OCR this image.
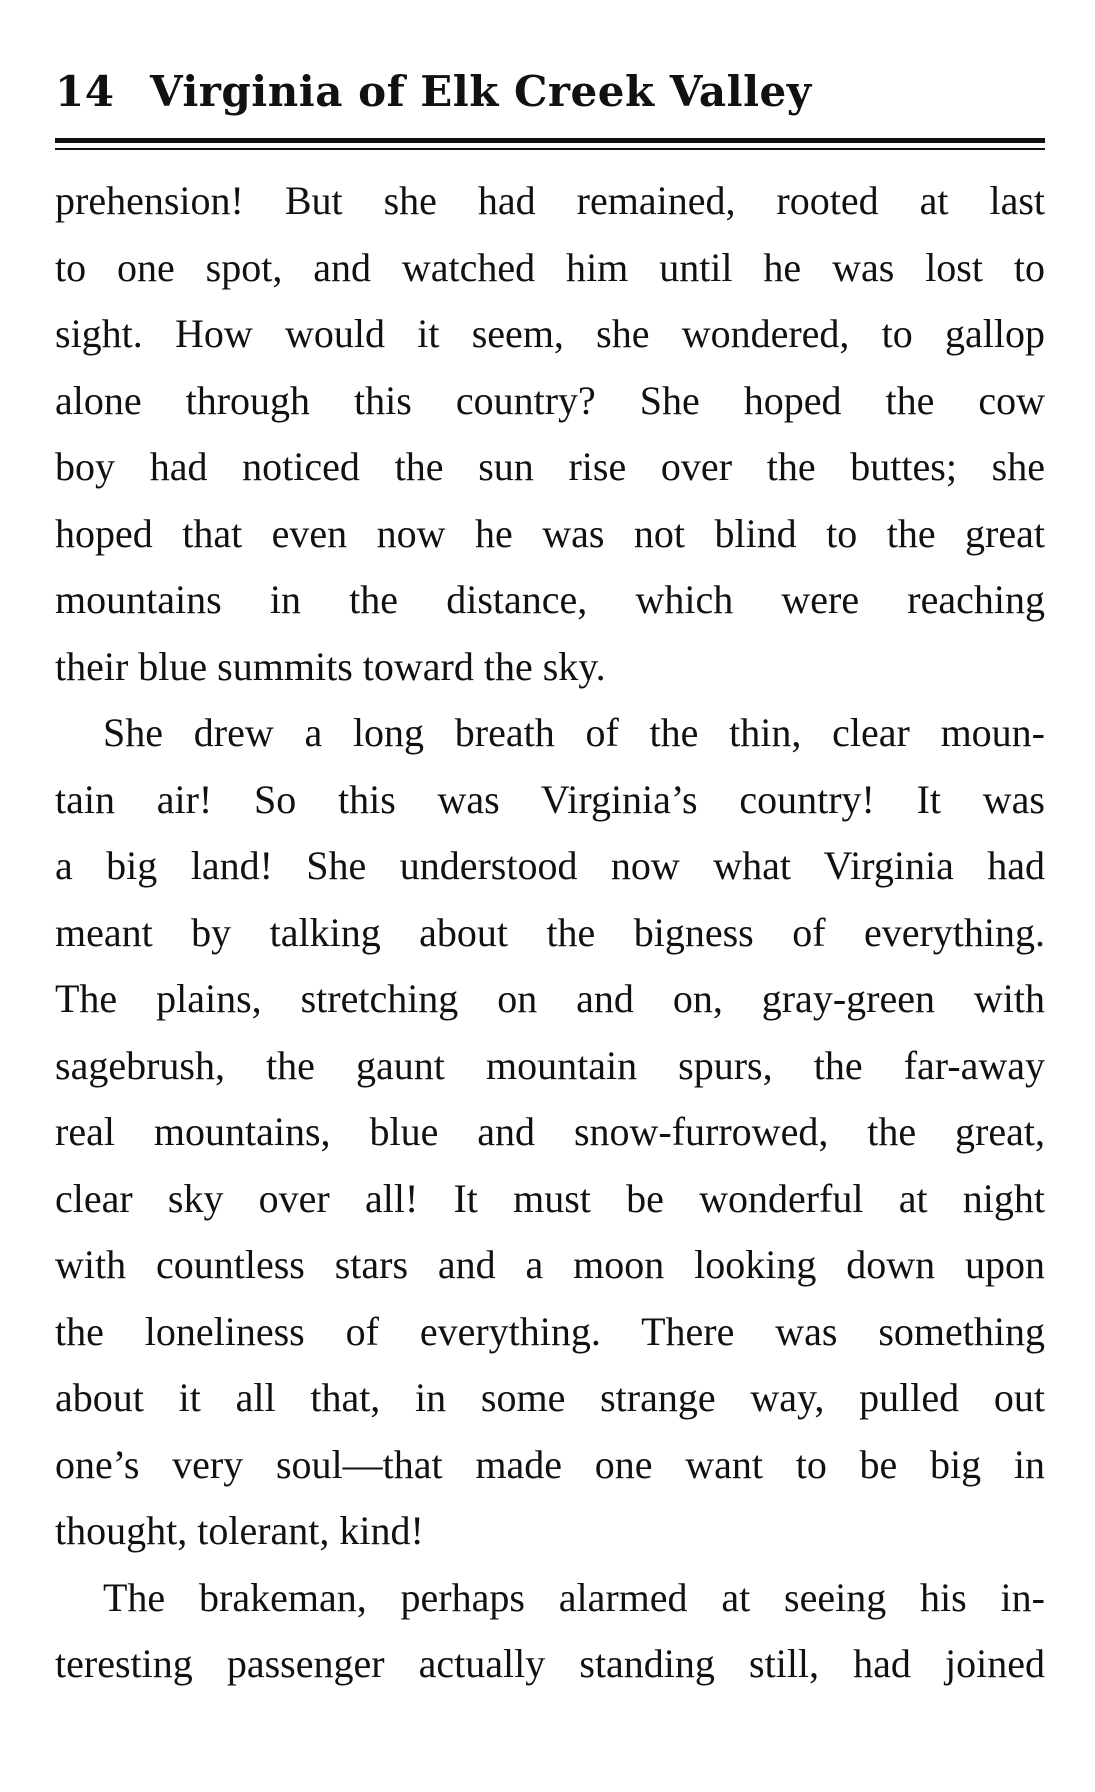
14 Virginia of Elk Creek Valley
prehension! But she had remained, rooted at last
to one spot, and watched him until he was lost to
sight. How would it seem, she wondered, to gallop
alone through this country? She hoped the cow
boy had noticed the sun rise over the buttes; she
hoped that even now he was not blind to the great
mountains in the distance, which were reaching
their blue summits toward the sky.
She drew a long breath of the thin, clear moun-
tain air! So this was Virginia’s country! It was
a big land! She understood now what Virginia had
meant by talking about the bigness of everything.
The plains, stretching on and on, gray-green with
sagebrush, the gaunt mountain spurs, the far-away
real mountains, blue and snow-furrowed, the great,
clear sky over all! It must be wonderful at night
with countless stars and a moon looking down upon
the loneliness of everything. There was something
about it all that, in some strange way, pulled out
one’s very soul—that made one want to be big in
thought, tolerant, kind!
The brakeman, perhaps alarmed at seeing his in-
teresting passenger actually standing still, had joined
